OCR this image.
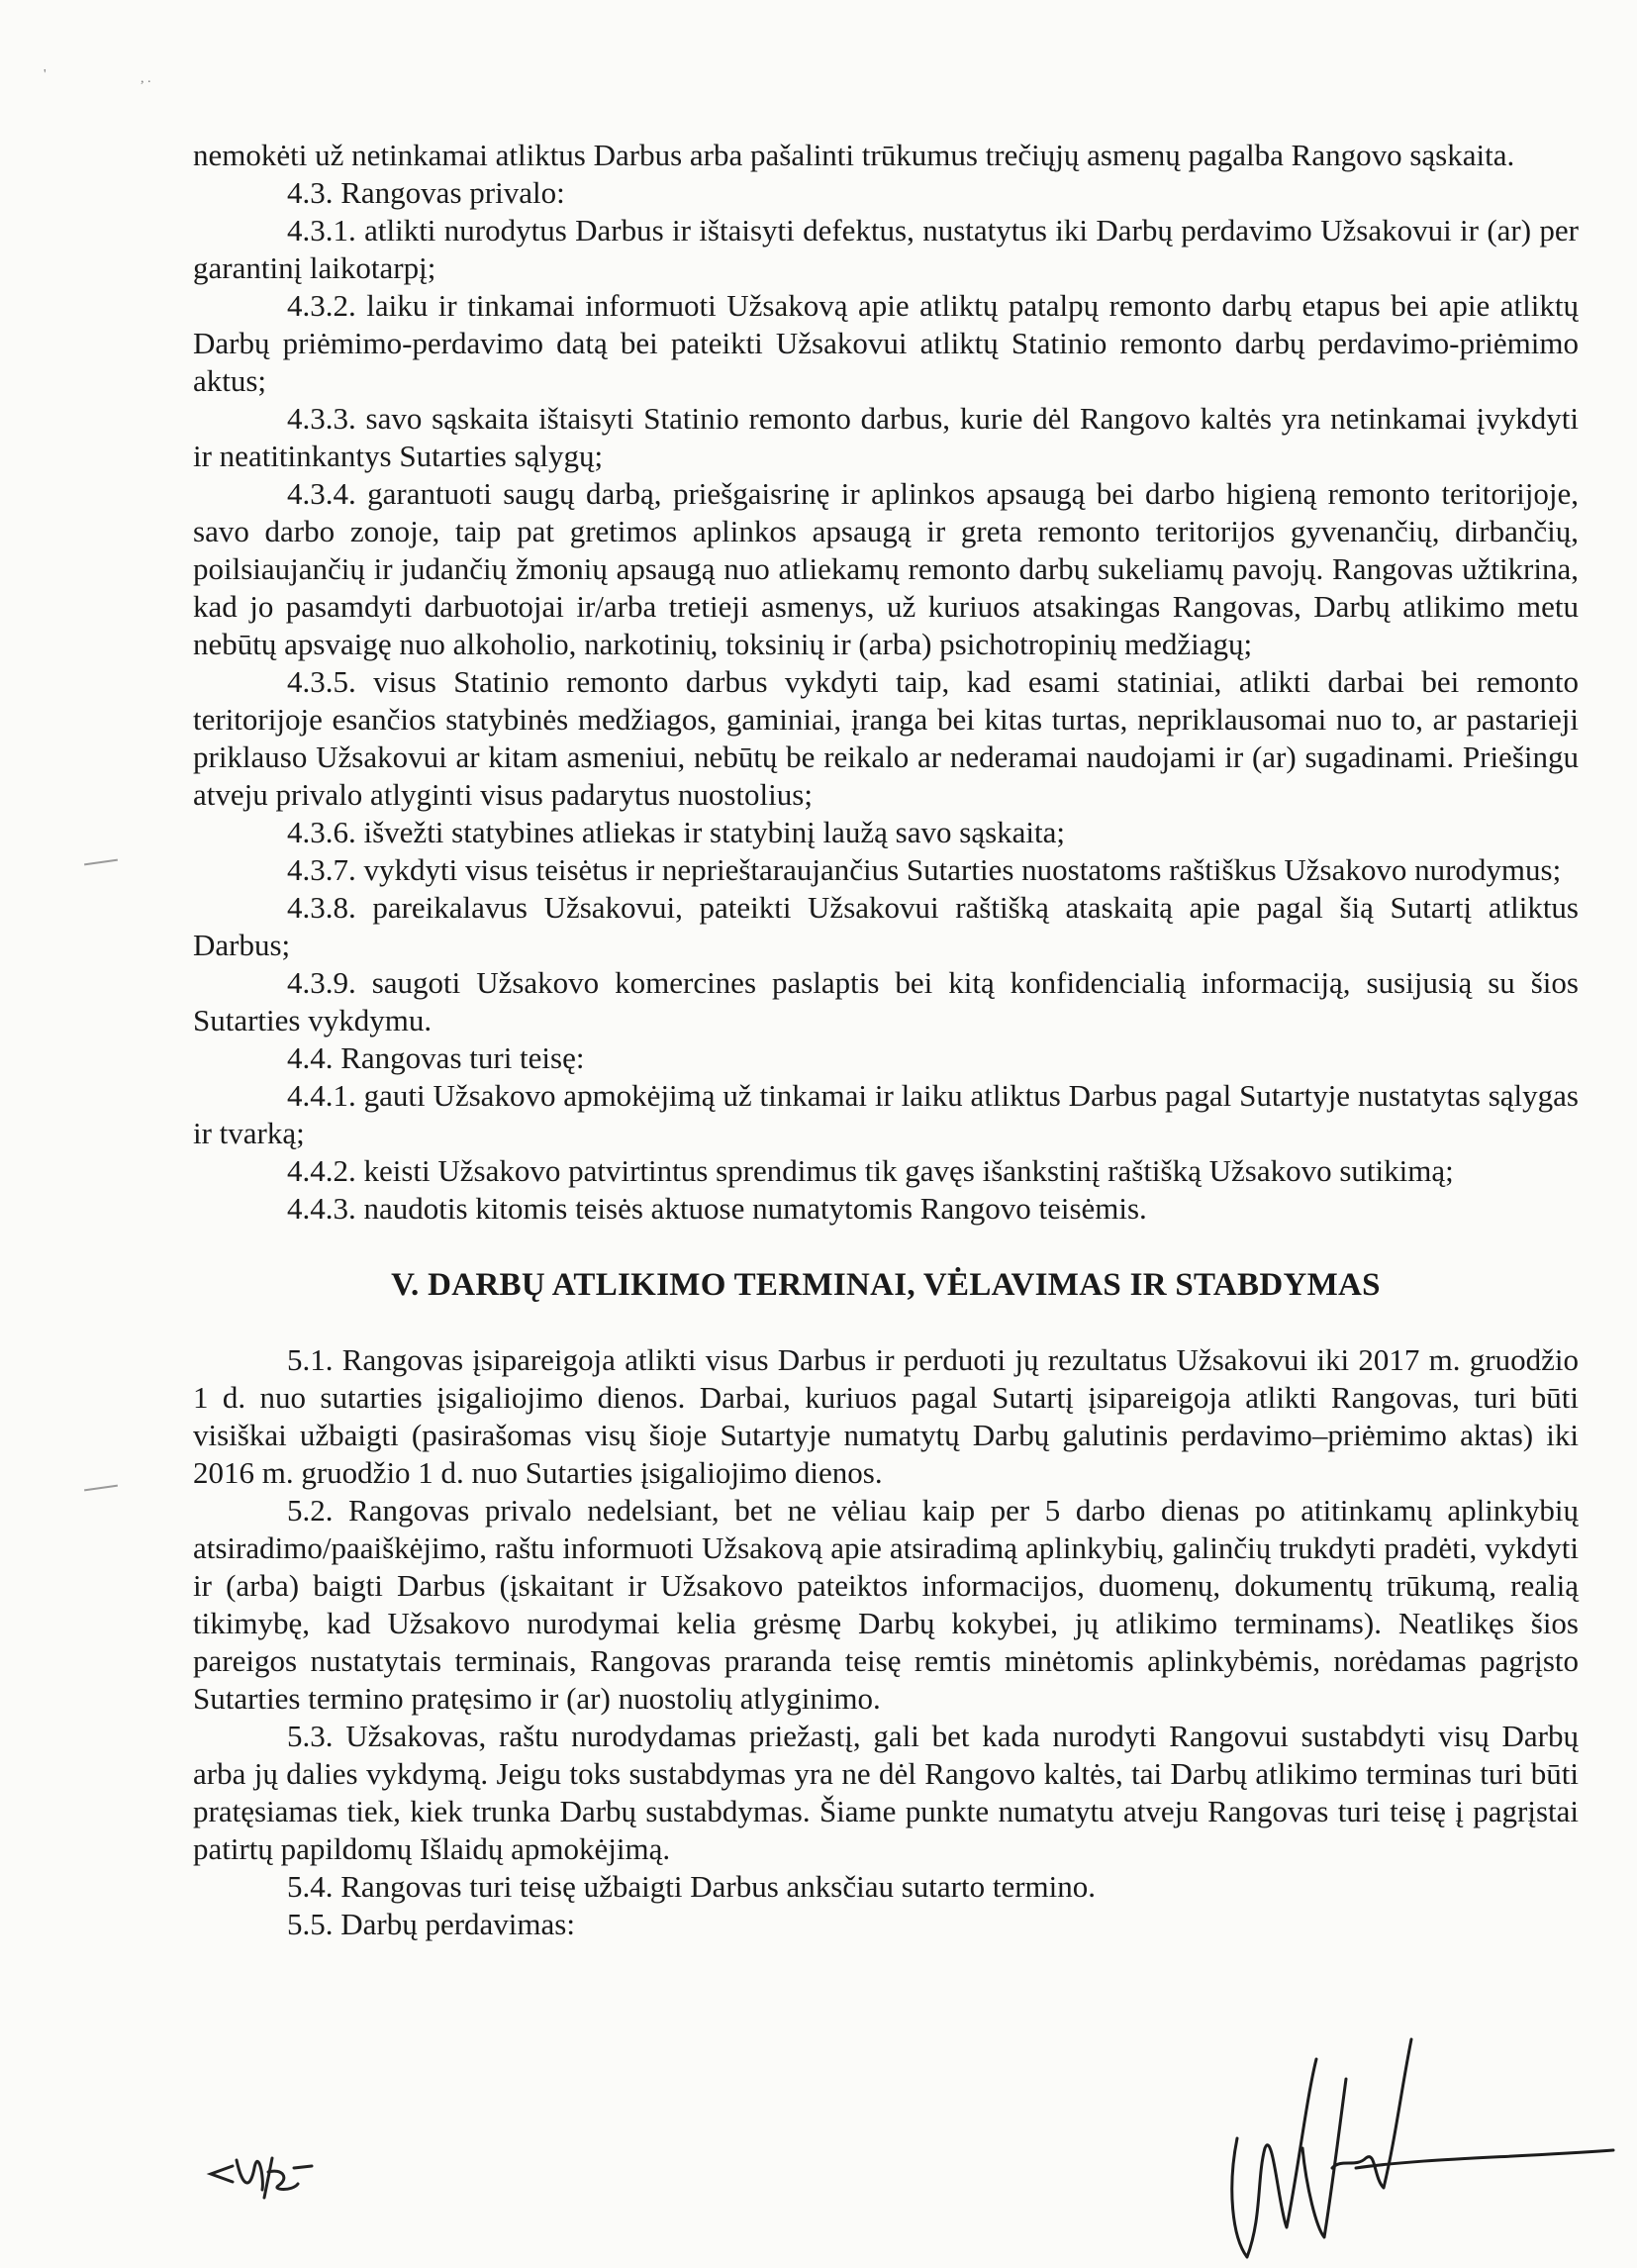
'	, .

nemokėti už netinkamai atliktus Darbus arba pašalinti trūkumus trečiųjų asmenų pagalba Rangovo sąskaita.

4.3. Rangovas privalo:

4.3.1. atlikti nurodytus Darbus ir ištaisyti defektus, nustatytus iki Darbų perdavimo Užsakovui ir (ar) per garantinį laikotarpį;

4.3.2. laiku ir tinkamai informuoti Užsakovą apie atliktų patalpų remonto darbų etapus bei apie atliktų Darbų priėmimo-perdavimo datą bei pateikti Užsakovui atliktų Statinio remonto darbų perdavimo-priėmimo aktus;

4.3.3. savo sąskaita ištaisyti Statinio remonto darbus, kurie dėl Rangovo kaltės yra netinkamai įvykdyti ir neatitinkantys Sutarties sąlygų;

4.3.4. garantuoti saugų darbą, priešgaisrinę ir aplinkos apsaugą bei darbo higieną remonto teritorijoje, savo darbo zonoje, taip pat gretimos aplinkos apsaugą ir greta remonto teritorijos gyvenančių, dirbančių, poilsiaujančių ir judančių žmonių apsaugą nuo atliekamų remonto darbų sukeliamų pavojų. Rangovas užtikrina, kad jo pasamdyti darbuotojai ir/arba tretieji asmenys, už kuriuos atsakingas Rangovas, Darbų atlikimo metu nebūtų apsvaigę nuo alkoholio, narkotinių, toksinių ir (arba) psichotropinių medžiagų;

4.3.5. visus Statinio remonto darbus vykdyti taip, kad esami statiniai, atlikti darbai bei remonto teritorijoje esančios statybinės medžiagos, gaminiai, įranga bei kitas turtas, nepriklausomai nuo to, ar pastarieji priklauso Užsakovui ar kitam asmeniui, nebūtų be reikalo ar nederamai naudojami ir (ar) sugadinami. Priešingu atveju privalo atlyginti visus padarytus nuostolius;

4.3.6. išvežti statybines atliekas ir statybinį laužą savo sąskaita;

4.3.7. vykdyti visus teisėtus ir neprieštaraujančius Sutarties nuostatoms raštiškus Užsakovo nurodymus;

4.3.8. pareikalavus Užsakovui, pateikti Užsakovui raštišką ataskaitą apie pagal šią Sutartį atliktus Darbus;

4.3.9. saugoti Užsakovo komercines paslaptis bei kitą konfidencialią informaciją, susijusią su šios Sutarties vykdymu.

4.4. Rangovas turi teisę:

4.4.1. gauti Užsakovo apmokėjimą už tinkamai ir laiku atliktus Darbus pagal Sutartyje nustatytas sąlygas ir tvarką;

4.4.2. keisti Užsakovo patvirtintus sprendimus tik gavęs išankstinį raštišką Užsakovo sutikimą;

4.4.3. naudotis kitomis teisės aktuose numatytomis Rangovo teisėmis.

V. DARBŲ ATLIKIMO TERMINAI, VĖLAVIMAS IR STABDYMAS

5.1. Rangovas įsipareigoja atlikti visus Darbus ir perduoti jų rezultatus Užsakovui iki 2017 m. gruodžio 1 d. nuo sutarties įsigaliojimo dienos. Darbai, kuriuos pagal Sutartį įsipareigoja atlikti Rangovas, turi būti visiškai užbaigti (pasirašomas visų šioje Sutartyje numatytų Darbų galutinis perdavimo–priėmimo aktas) iki 2016 m. gruodžio 1 d. nuo Sutarties įsigaliojimo dienos.

5.2. Rangovas privalo nedelsiant, bet ne vėliau kaip per 5 darbo dienas po atitinkamų aplinkybių atsiradimo/paaiškėjimo, raštu informuoti Užsakovą apie atsiradimą aplinkybių, galinčių trukdyti pradėti, vykdyti ir (arba) baigti Darbus (įskaitant ir Užsakovo pateiktos informacijos, duomenų, dokumentų trūkumą, realią tikimybę, kad Užsakovo nurodymai kelia grėsmę Darbų kokybei, jų atlikimo terminams). Neatlikęs šios pareigos nustatytais terminais, Rangovas praranda teisę remtis minėtomis aplinkybėmis, norėdamas pagrįsto Sutarties termino pratęsimo ir (ar) nuostolių atlyginimo.

5.3. Užsakovas, raštu nurodydamas priežastį, gali bet kada nurodyti Rangovui sustabdyti visų Darbų arba jų dalies vykdymą. Jeigu toks sustabdymas yra ne dėl Rangovo kaltės, tai Darbų atlikimo terminas turi būti pratęsiamas tiek, kiek trunka Darbų sustabdymas. Šiame punkte numatytu atveju Rangovas turi teisę į pagrįstai patirtų papildomų Išlaidų apmokėjimą.

5.4. Rangovas turi teisę užbaigti Darbus anksčiau sutarto termino.

5.5. Darbų perdavimas:
